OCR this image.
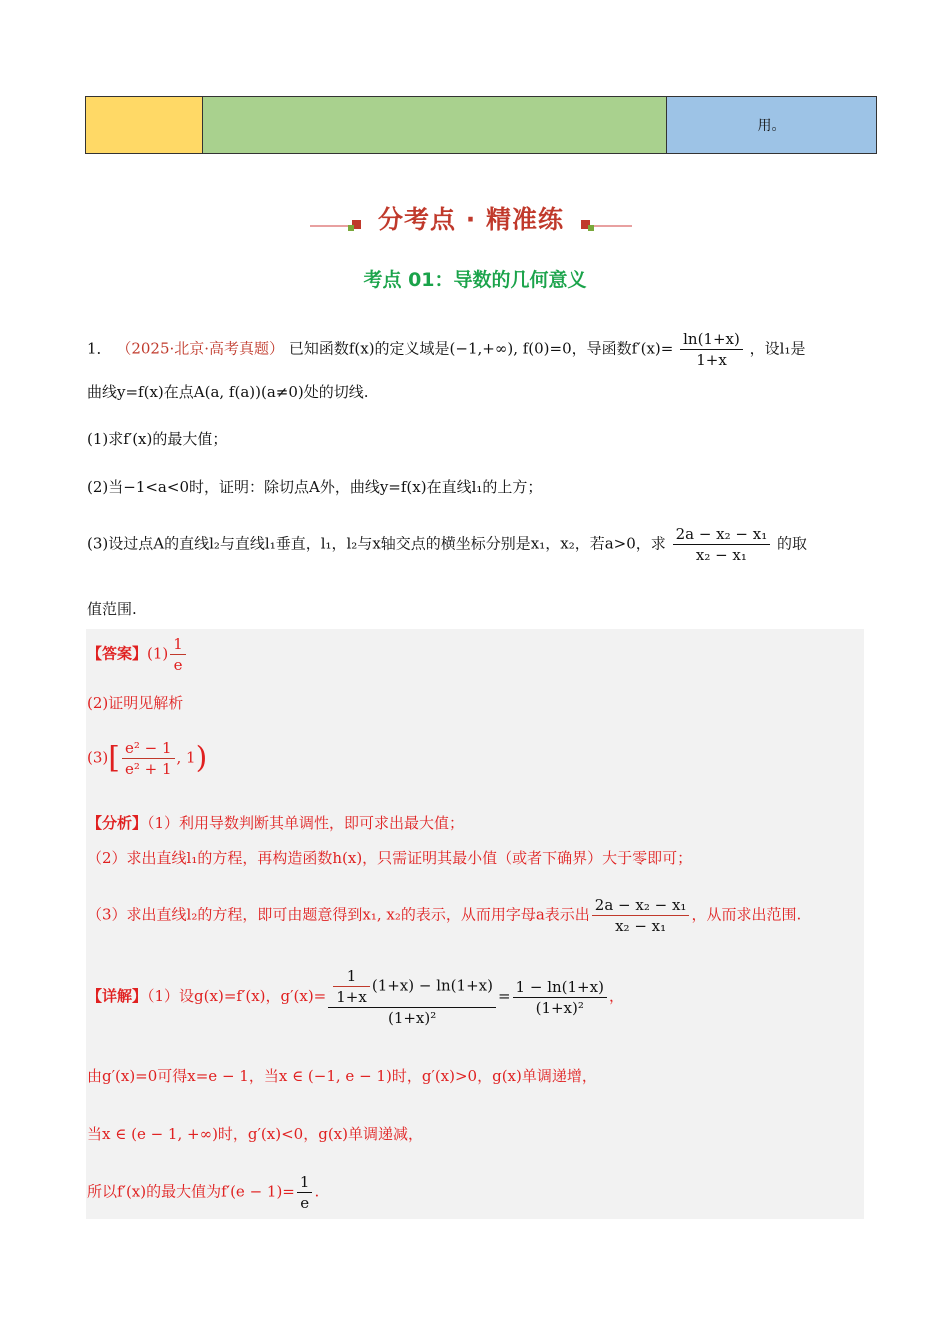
用。
分考点 · 精准练
考点 01：导数的几何意义
1． （2025·北京·高考真题） 已知函数f(x)的定义域是(−1,+∞), f(0)=0，导函数$f'(x)= \frac{\ln(1+x)}{1+x}$ ，设l₁是
曲线y=f(x)在点A(a, f(a))(a≠0)处的切线.
(1)求f′(x)的最大值；
(2)当−1<a<0时，证明：除切点A外，曲线y=f(x)在直线l₁的上方；
(3)设过点A的直线l₂与直线l₁垂直，l₁，l₂与x轴交点的横坐标分别是x₁，x₂，若a>0，求 $\frac{\text{2a − x₂ − x₁}}{\text{x₂ − x₁}}$ 的取
值范围.
【答案】$(1) \frac{1}{e}$
(2)证明见解析
$(3)[ \frac{\text{e² − 1}}{\text{e² + 1}}$ , 1)
【分析】（1）利用导数判断其单调性，即可求出最大值；
（2）求出直线l₁的方程，再构造函数h(x)，只需证明其最小值（或者下确界）大于零即可；
（3）求出直线l₂的方程，即可由题意得到x₁, x₂的表示，从而用字母a表示出 $\frac{\text{2a − x₂ − x₁}}{\text{x₂ − x₁}}$ ，从而求出范围.
【详解】（1）设g(x)=f′(x)，$g'(x)= \frac{\frac{1}{1+x} (1+x) - \ln(1+x)}{\text{(1+x)²}} = \frac{1 - \ln(1+x)}{\text{(1+x)²}}$ ，
由g′(x)=0可得x=e − 1，当x ∈ (−1, e − 1)时，g′(x)>0，g(x)单调递增，
当x ∈ (e − 1, +∞)时，g′(x)<0，g(x)单调递减，
所以f′(x)的最大值为$f'(e - 1)= \frac{1}{e}$ .
